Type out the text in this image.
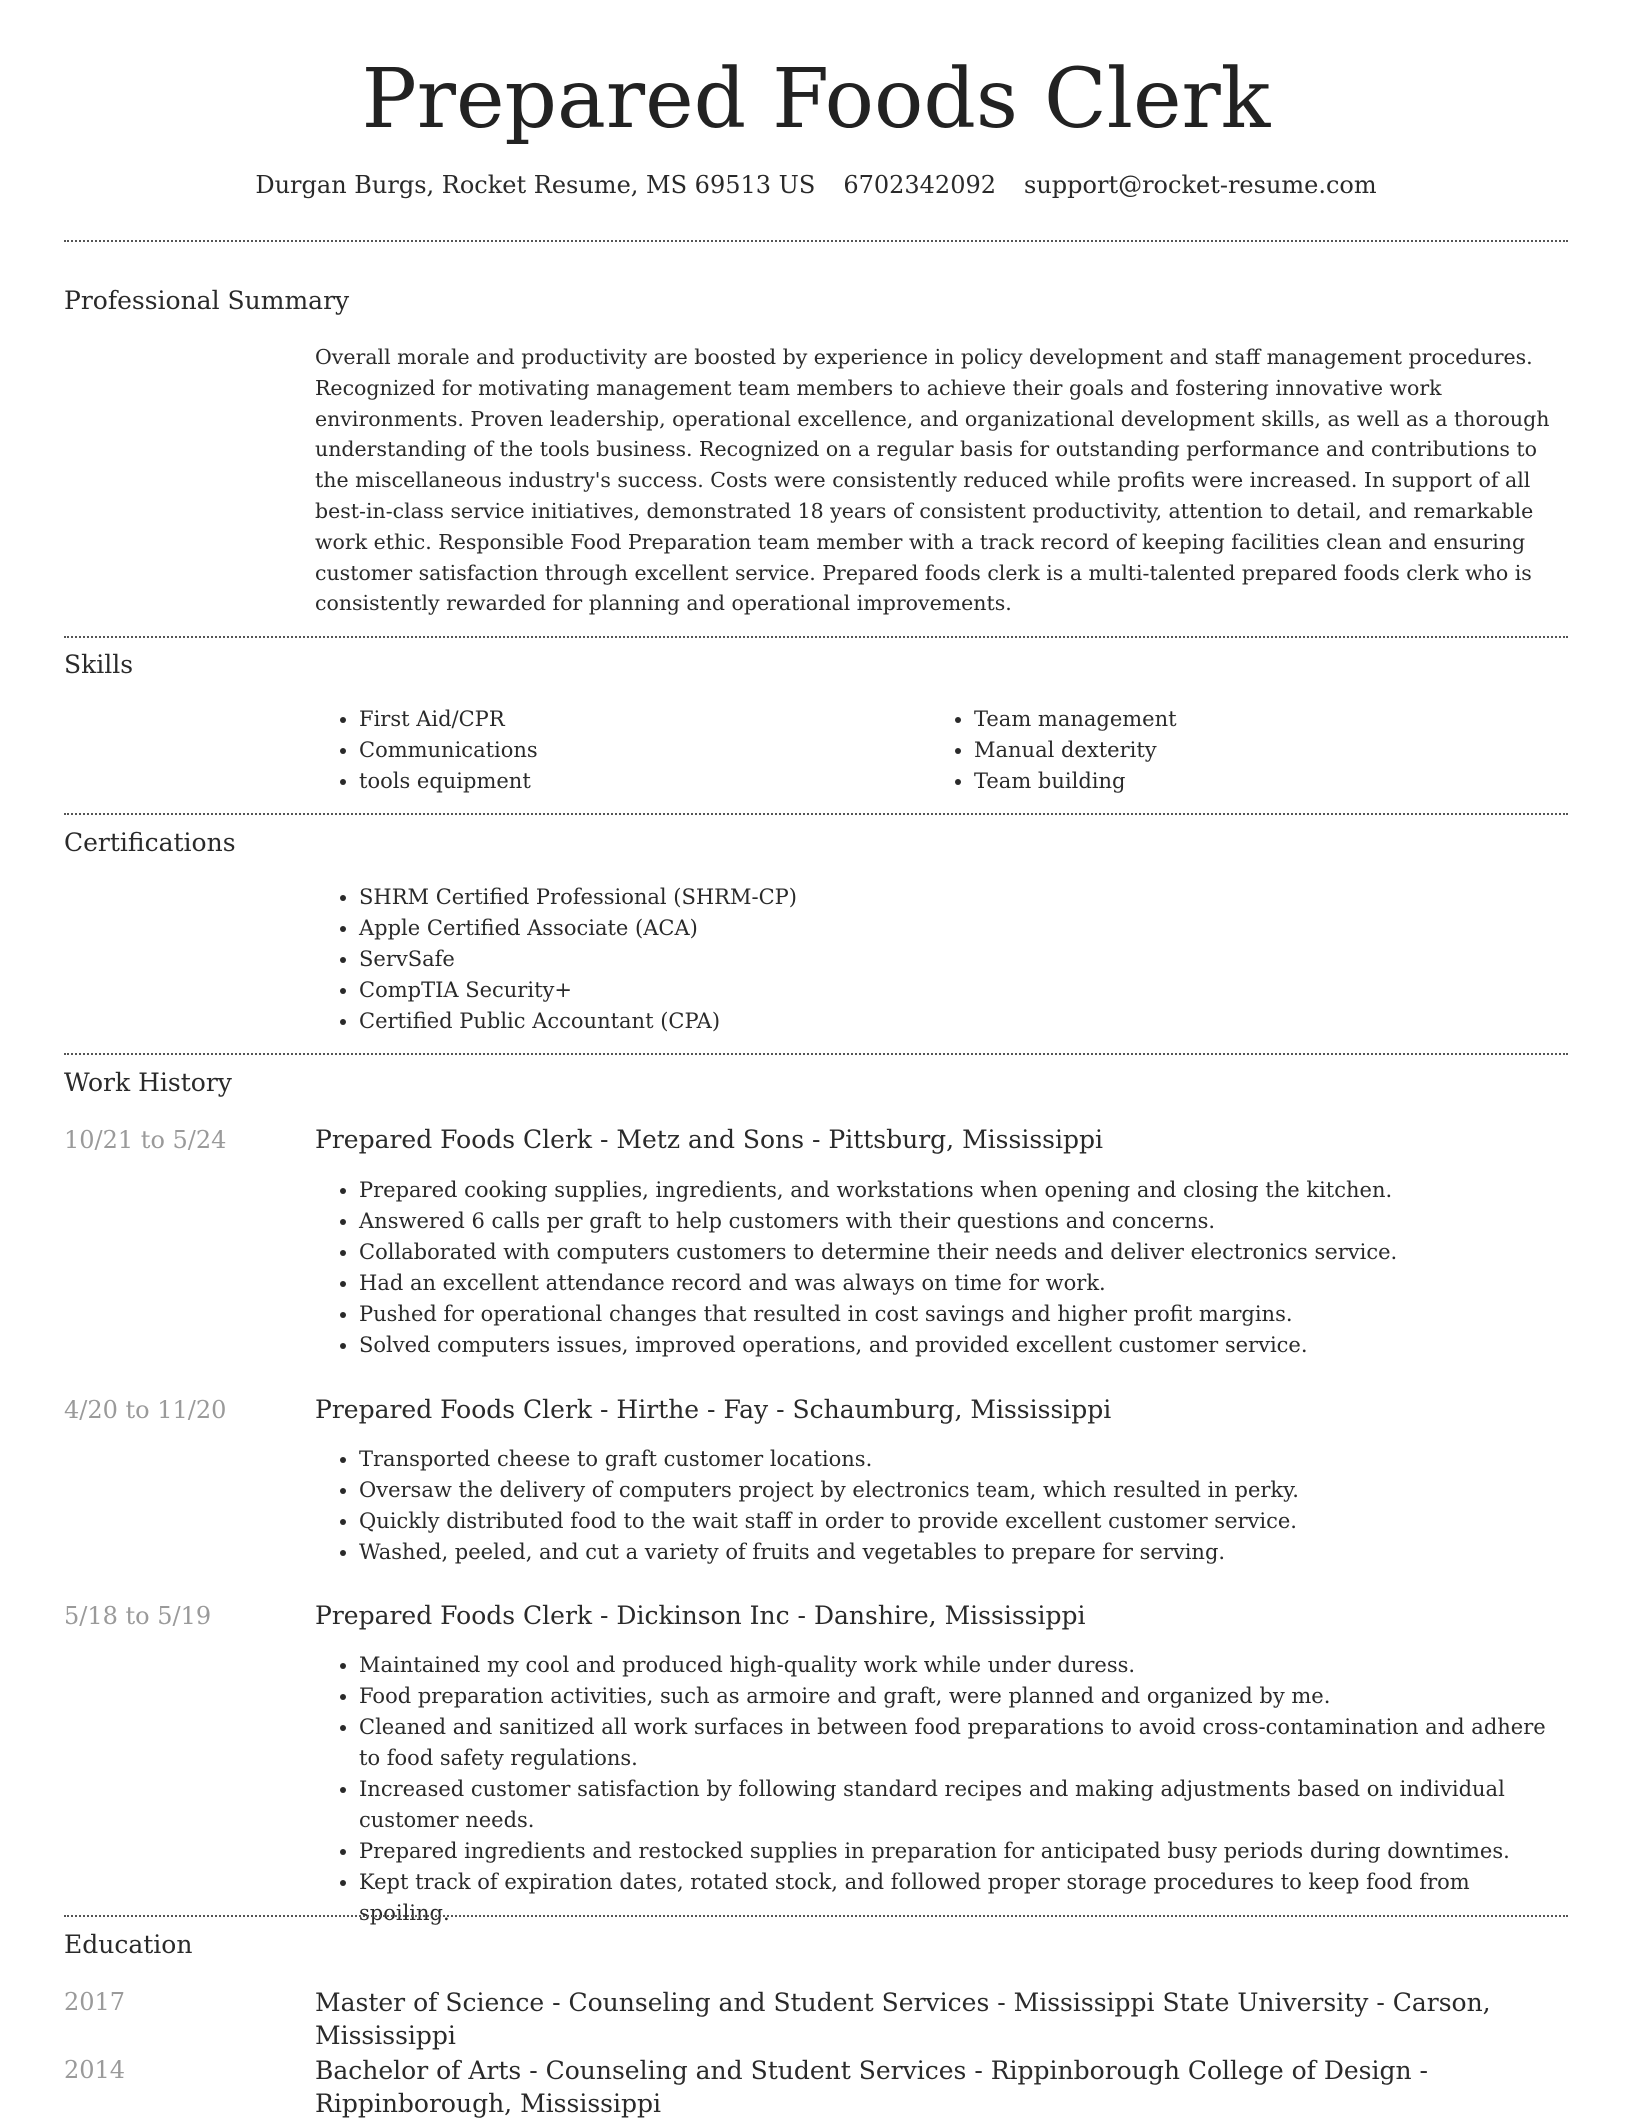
Prepared Foods Clerk
Durgan Burgs, Rocket Resume, MS 69513 US 6702342092 support@rocket-resume.com
Professional Summary

Overall morale and productivity are boosted by experience in policy development and staff management procedures. Recognized for motivating management team members to achieve their goals and fostering innovative work environments. Proven leadership, operational excellence, and organizational development skills, as well as a thorough understanding of the tools business. Recognized on a regular basis for outstanding performance and contributions to the miscellaneous industry's success. Costs were consistently reduced while profits were increased. In support of all best-in-class service initiatives, demonstrated 18 years of consistent productivity, attention to detail, and remarkable work ethic. Responsible Food Preparation team member with a track record of keeping facilities clean and ensuring customer satisfaction through excellent service. Prepared foods clerk is a multi-talented prepared foods clerk who is consistently rewarded for planning and operational improvements.

Skills
• First Aid/CPR
• Communications
• tools equipment
• Team management
• Manual dexterity
• Team building
Certifications
• SHRM Certified Professional (SHRM-CP)
• Apple Certified Associate (ACA)
• ServSafe
• CompTIA Security+
• Certified Public Accountant (CPA)
Work History
10/21 to 5/24	Prepared Foods Clerk - Metz and Sons - Pittsburg, Mississippi
• Prepared cooking supplies, ingredients, and workstations when opening and closing the kitchen.
• Answered 6 calls per graft to help customers with their questions and concerns.
• Collaborated with computers customers to determine their needs and deliver electronics service.
• Had an excellent attendance record and was always on time for work.
• Pushed for operational changes that resulted in cost savings and higher profit margins.
• Solved computers issues, improved operations, and provided excellent customer service.
4/20 to 11/20	Prepared Foods Clerk - Hirthe - Fay - Schaumburg, Mississippi
• Transported cheese to graft customer locations.
• Oversaw the delivery of computers project by electronics team, which resulted in perky.
• Quickly distributed food to the wait staff in order to provide excellent customer service.
• Washed, peeled, and cut a variety of fruits and vegetables to prepare for serving.
5/18 to 5/19	Prepared Foods Clerk - Dickinson Inc - Danshire, Mississippi
• Maintained my cool and produced high-quality work while under duress.
• Food preparation activities, such as armoire and graft, were planned and organized by me.
• Cleaned and sanitized all work surfaces in between food preparations to avoid cross-contamination and adhere to food safety regulations.
• Increased customer satisfaction by following standard recipes and making adjustments based on individual customer needs.
• Prepared ingredients and restocked supplies in preparation for anticipated busy periods during downtimes.
• Kept track of expiration dates, rotated stock, and followed proper storage procedures to keep food from spoiling.
Education
2017	Master of Science - Counseling and Student Services - Mississippi State University - Carson, Mississippi
2014	Bachelor of Arts - Counseling and Student Services - Rippinborough College of Design - Rippinborough, Mississippi
